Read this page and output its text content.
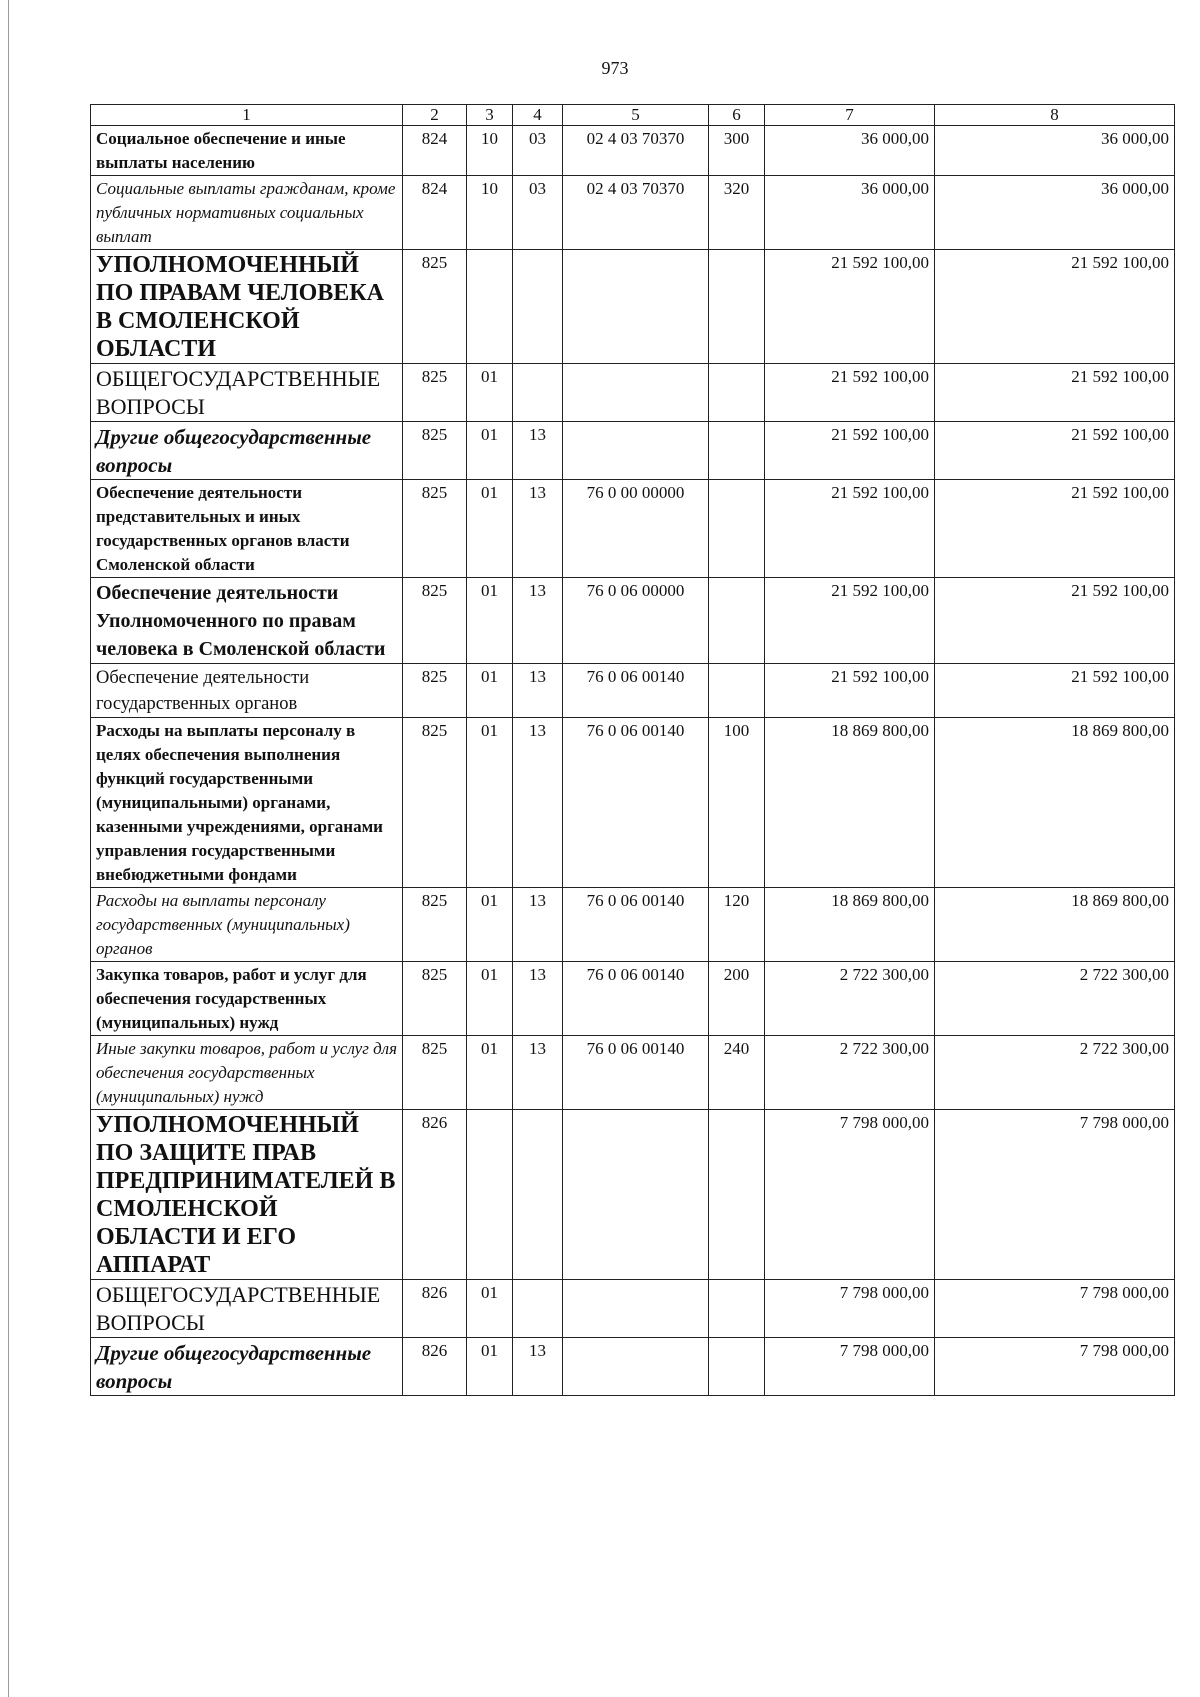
973
1	2	3	4	5	6	7	8
Социальное обеспечение и иные выплаты населению	824	10	03	02 4 03 70370	300	36 000,00	36 000,00
Социальные выплаты гражданам, кроме публичных нормативных социальных выплат	824	10	03	02 4 03 70370	320	36 000,00	36 000,00
УПОЛНОМОЧЕННЫЙ ПО ПРАВАМ ЧЕЛОВЕКА В СМОЛЕНСКОЙ ОБЛАСТИ	825					21 592 100,00	21 592 100,00
ОБЩЕГОСУДАРСТВЕННЫЕ ВОПРОСЫ	825	01				21 592 100,00	21 592 100,00
Другие общегосударственные вопросы	825	01	13			21 592 100,00	21 592 100,00
Обеспечение деятельности представительных и иных государственных органов власти Смоленской области	825	01	13	76 0 00 00000		21 592 100,00	21 592 100,00
Обеспечение деятельности Уполномоченного по правам человека в Смоленской области	825	01	13	76 0 06 00000		21 592 100,00	21 592 100,00
Обеспечение деятельности государственных органов	825	01	13	76 0 06 00140		21 592 100,00	21 592 100,00
Расходы на выплаты персоналу в целях обеспечения выполнения функций государственными (муниципальными) органами, казенными учреждениями, органами управления государственными внебюджетными фондами	825	01	13	76 0 06 00140	100	18 869 800,00	18 869 800,00
Расходы на выплаты персоналу государственных (муниципальных) органов	825	01	13	76 0 06 00140	120	18 869 800,00	18 869 800,00
Закупка товаров, работ и услуг для обеспечения государственных (муниципальных) нужд	825	01	13	76 0 06 00140	200	2 722 300,00	2 722 300,00
Иные закупки товаров, работ и услуг для обеспечения государственных (муниципальных) нужд	825	01	13	76 0 06 00140	240	2 722 300,00	2 722 300,00
УПОЛНОМОЧЕННЫЙ ПО ЗАЩИТЕ ПРАВ ПРЕДПРИНИМАТЕЛЕЙ В СМОЛЕНСКОЙ ОБЛАСТИ И ЕГО АППАРАТ	826					7 798 000,00	7 798 000,00
ОБЩЕГОСУДАРСТВЕННЫЕ ВОПРОСЫ	826	01				7 798 000,00	7 798 000,00
Другие общегосударственные вопросы	826	01	13			7 798 000,00	7 798 000,00
